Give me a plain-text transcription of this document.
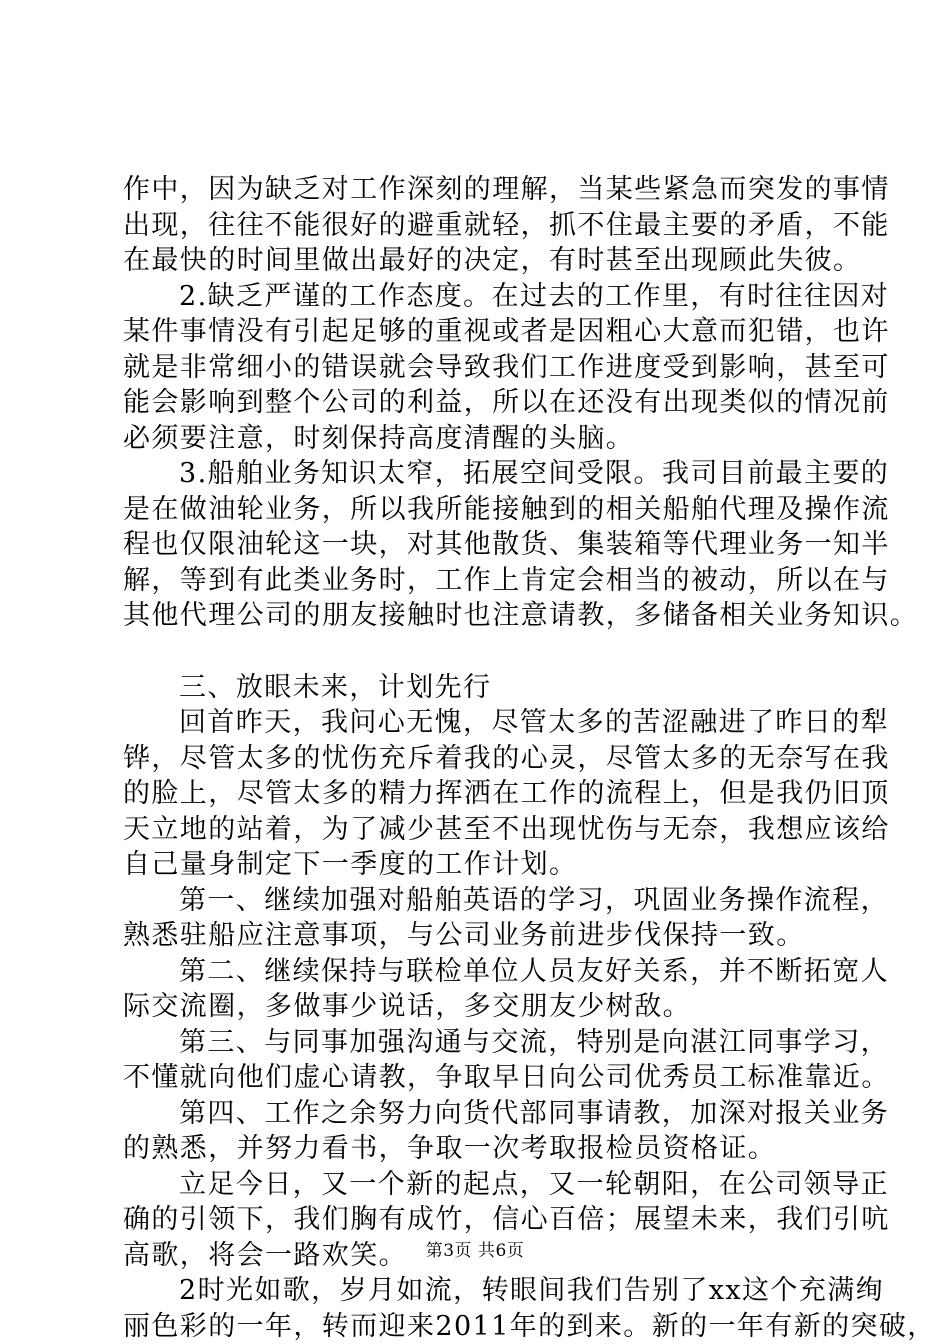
作中，因为缺乏对工作深刻的理解，当某些紧急而突发的事情
出现，往往不能很好的避重就轻，抓不住最主要的矛盾，不能
在最快的时间里做出最好的决定，有时甚至出现顾此失彼。
2.缺乏严谨的工作态度。在过去的工作里，有时往往因对
某件事情没有引起足够的重视或者是因粗心大意而犯错，也许
就是非常细小的错误就会导致我们工作进度受到影响，甚至可
能会影响到整个公司的利益，所以在还没有出现类似的情况前
必须要注意，时刻保持高度清醒的头脑。
3.船舶业务知识太窄，拓展空间受限。我司目前最主要的
是在做油轮业务，所以我所能接触到的相关船舶代理及操作流
程也仅限油轮这一块，对其他散货、集装箱等代理业务一知半
解，等到有此类业务时，工作上肯定会相当的被动，所以在与
其他代理公司的朋友接触时也注意请教，多储备相关业务知识。
三、放眼未来，计划先行
回首昨天，我问心无愧，尽管太多的苦涩融进了昨日的犁
铧，尽管太多的忧伤充斥着我的心灵，尽管太多的无奈写在我
的脸上，尽管太多的精力挥洒在工作的流程上，但是我仍旧顶
天立地的站着，为了减少甚至不出现忧伤与无奈，我想应该给
自己量身制定下一季度的工作计划。
第一、继续加强对船舶英语的学习，巩固业务操作流程，
熟悉驻船应注意事项，与公司业务前进步伐保持一致。
第二、继续保持与联检单位人员友好关系，并不断拓宽人
际交流圈，多做事少说话，多交朋友少树敌。
第三、与同事加强沟通与交流，特别是向湛江同事学习，
不懂就向他们虚心请教，争取早日向公司优秀员工标准靠近。
第四、工作之余努力向货代部同事请教，加深对报关业务
的熟悉，并努力看书，争取一次考取报检员资格证。
立足今日，又一个新的起点，又一轮朝阳，在公司领导正
确的引领下，我们胸有成竹，信心百倍；展望未来，我们引吭
高歌，将会一路欢笑。
2时光如歌，岁月如流，转眼间我们告别了xx这个充满绚
丽色彩的一年，转而迎来2011年的到来。新的一年有新的突破，
第3页 共6页
